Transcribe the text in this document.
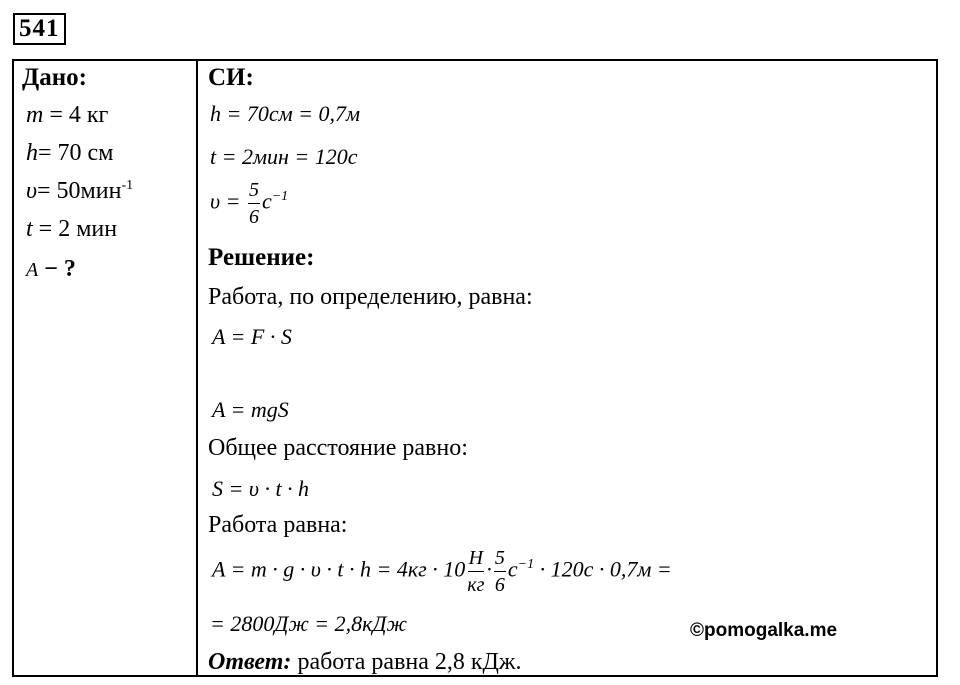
541
Дано:
m = 4 кг
h= 70 см
υ= 50мин$^{-1}$
t = 2 мин
A − ?
СИ:
h = 70см = 0,7м
t = 2мин = 120с
$\upsilon = \frac{5}{6} с^{-1}$
Решение:
Работа, по определению, равна:
A = F · S
A = mgS
Общее расстояние равно:
S = υ · t · h
Работа равна:
$A = m \cdot g \cdot \upsilon \cdot t \cdot h = 4кг \cdot 10 \frac{Н}{кг} \cdot \frac{5}{6} с^{-1} \cdot 120с \cdot 0,7м$ =
= 2800Дж = 2,8кДж	©pomogalka.me
Ответ: работа равна 2,8 кДж.
